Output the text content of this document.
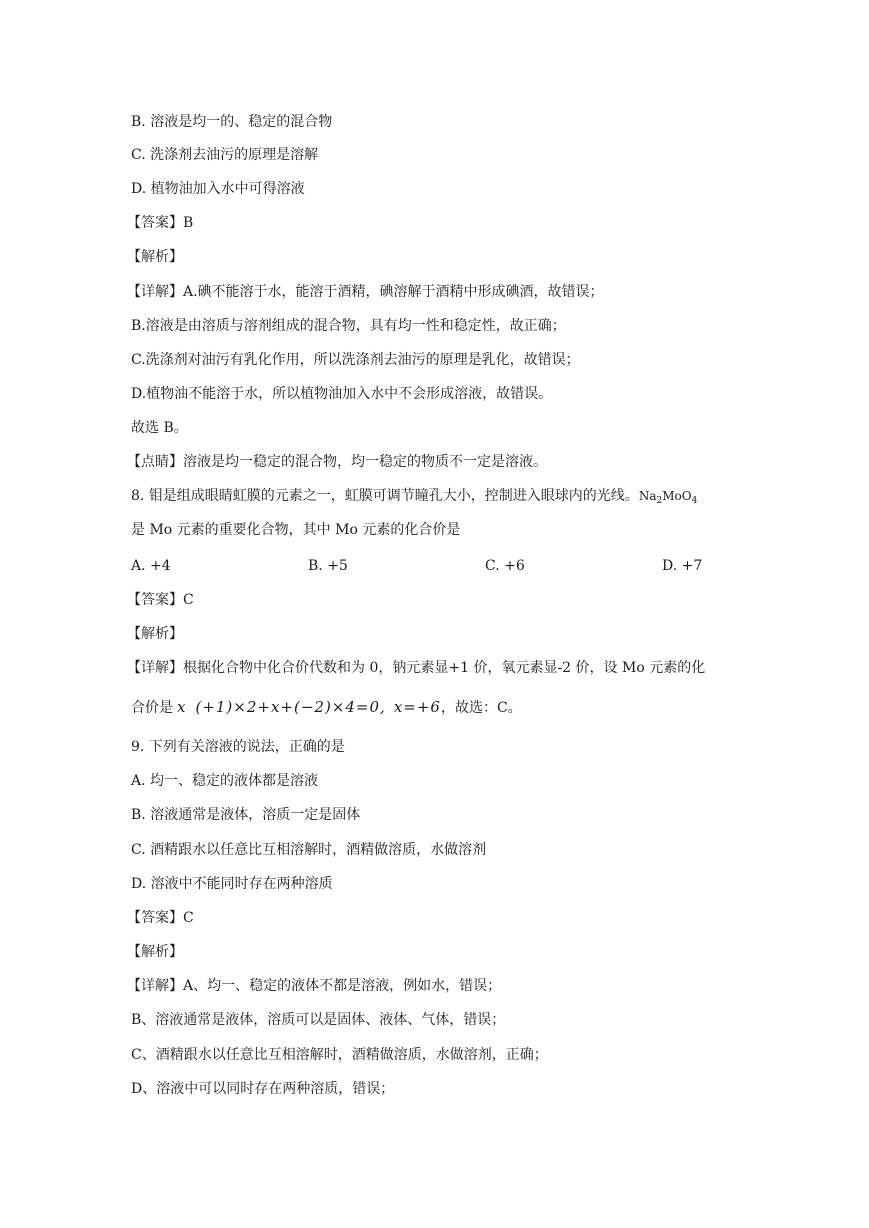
B. 溶液是均一的、稳定的混合物
C. 洗涤剂去油污的原理是溶解
D. 植物油加入水中可得溶液
【答案】B
【解析】
【详解】A.碘不能溶于水，能溶于酒精，碘溶解于酒精中形成碘酒，故错误；
B.溶液是由溶质与溶剂组成的混合物，具有均一性和稳定性，故正确；
C.洗涤剂对油污有乳化作用，所以洗涤剂去油污的原理是乳化，故错误；
D.植物油不能溶于水，所以植物油加入水中不会形成溶液，故错误。
故选 B。
【点睛】溶液是均一稳定的混合物，均一稳定的物质不一定是溶液。
8. 钼是组成眼睛虹膜的元素之一，虹膜可调节瞳孔大小，控制进入眼球内的光线。$Na_2MoO_4$
是 Mo 元素的重要化合物，其中 Mo 元素的化合价是
A. +4	B. +5	C. +6	D. +7
【答案】C
【解析】
【详解】根据化合物中化合价代数和为 0，钠元素显+1 价，氧元素显-2 价，设 Mo 元素的化
合价是 x (+1)×2+x+(−2)×4=0, x=+6，故选：C。
9. 下列有关溶液的说法，正确的是
A. 均一、稳定的液体都是溶液
B. 溶液通常是液体，溶质一定是固体
C. 酒精跟水以任意比互相溶解时，酒精做溶质，水做溶剂
D. 溶液中不能同时存在两种溶质
【答案】C
【解析】
【详解】A、均一、稳定的液体不都是溶液，例如水，错误；
B、溶液通常是液体，溶质可以是固体、液体、气体，错误；
C、酒精跟水以任意比互相溶解时，酒精做溶质，水做溶剂，正确；
D、溶液中可以同时存在两种溶质，错误；
